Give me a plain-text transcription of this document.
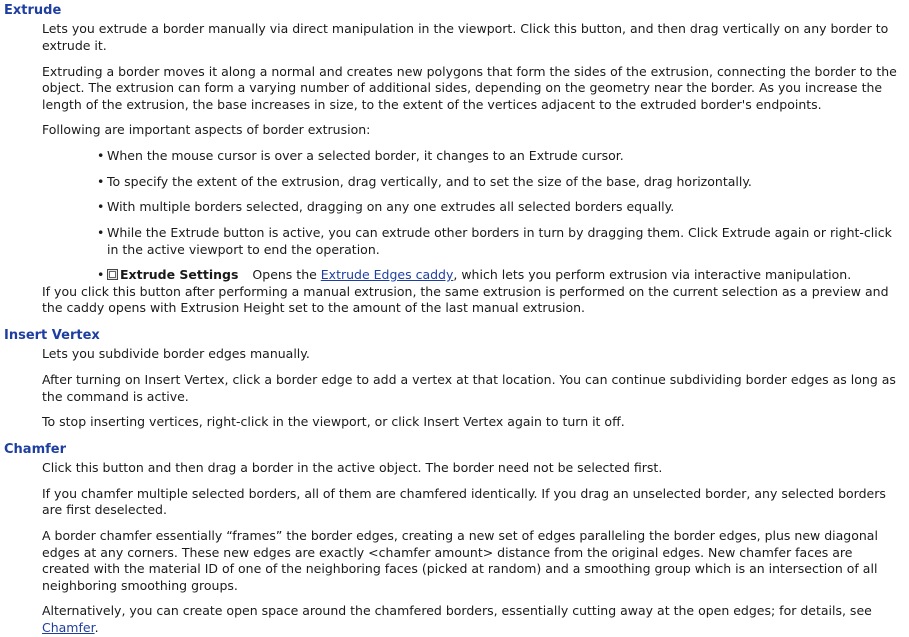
Extrude

Lets you extrude a border manually via direct manipulation in the viewport. Click this button, and then drag vertically on any border to extrude it.

Extruding a border moves it along a normal and creates new polygons that form the sides of the extrusion, connecting the border to the object. The extrusion can form a varying number of additional sides, depending on the geometry near the border. As you increase the length of the extrusion, the base increases in size, to the extent of the vertices adjacent to the extruded border's endpoints.

Following are important aspects of border extrusion:

• When the mouse cursor is over a selected border, it changes to an Extrude cursor.
• To specify the extent of the extrusion, drag vertically, and to set the size of the base, drag horizontally.
• With multiple borders selected, dragging on any one extrudes all selected borders equally.
• While the Extrude button is active, you can extrude other borders in turn by dragging them. Click Extrude again or right-click in the active viewport to end the operation.
•	Extrude Settings Opens the Extrude Edges caddy, which lets you perform extrusion via interactive manipulation.

If you click this button after performing a manual extrusion, the same extrusion is performed on the current selection as a preview and the caddy opens with Extrusion Height set to the amount of the last manual extrusion.

Insert Vertex

Lets you subdivide border edges manually.

After turning on Insert Vertex, click a border edge to add a vertex at that location. You can continue subdividing border edges as long as the command is active.

To stop inserting vertices, right-click in the viewport, or click Insert Vertex again to turn it off.

Chamfer

Click this button and then drag a border in the active object. The border need not be selected first.

If you chamfer multiple selected borders, all of them are chamfered identically. If you drag an unselected border, any selected borders are first deselected.

A border chamfer essentially “frames” the border edges, creating a new set of edges paralleling the border edges, plus new diagonal edges at any corners. These new edges are exactly <chamfer amount> distance from the original edges. New chamfer faces are created with the material ID of one of the neighboring faces (picked at random) and a smoothing group which is an intersection of all neighboring smoothing groups.

Alternatively, you can create open space around the chamfered borders, essentially cutting away at the open edges; for details, see Chamfer.
